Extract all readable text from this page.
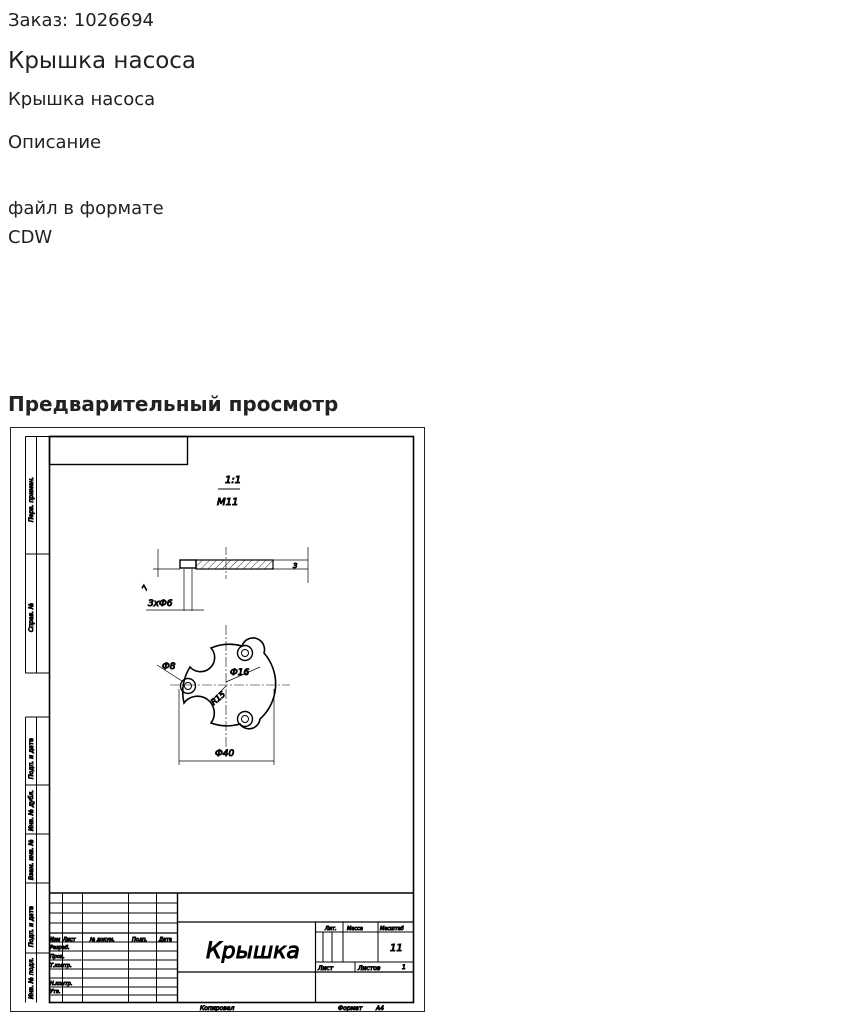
Заказ: 1026694
Крышка насоса
Крышка насоса
Описание
файл в формате CDW
Предварительный просмотр
Перв. примен.
Справ. №
Подп. и дата
Инв. № дубл.
Взам. инв. №
Подп. и дата
Инв. № подл.
1:1
М11
3
3хФ6
7
Ф8
R15
Ф16
Ф40
Изм Лист	№ докум.	Подп. Дата
Разраб.
Пров.
Т.контр.
Н.контр.
Утв.
Крышка
Лит. Масса	Масштаб
11
Лист	Листов	1
Копировал	Формат А4
